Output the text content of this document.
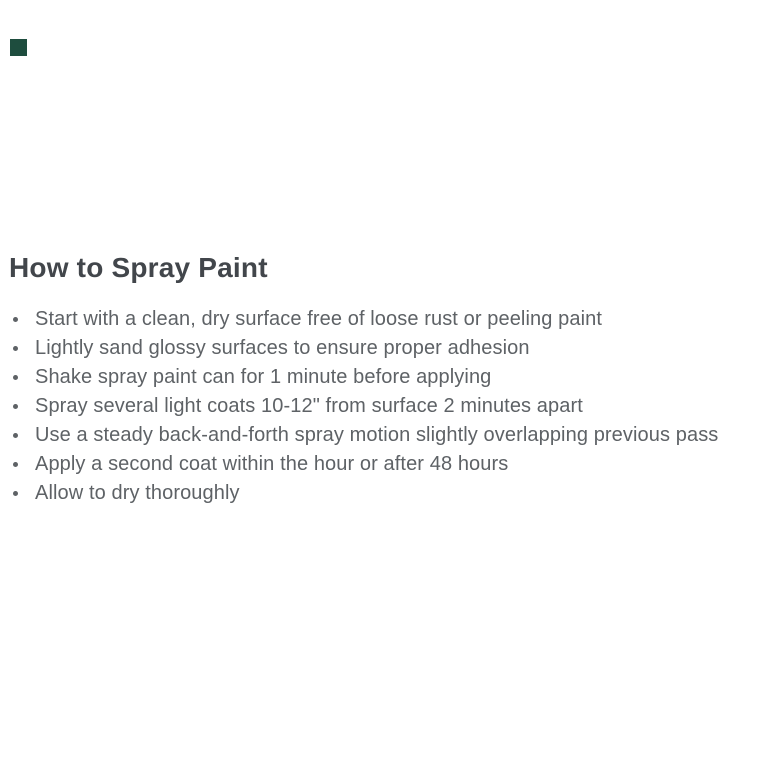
How to Spray Paint
Start with a clean, dry surface free of loose rust or peeling paint
Lightly sand glossy surfaces to ensure proper adhesion
Shake spray paint can for 1 minute before applying
Spray several light coats 10-12" from surface 2 minutes apart
Use a steady back-and-forth spray motion slightly overlapping previous pass
Apply a second coat within the hour or after 48 hours
Allow to dry thoroughly
